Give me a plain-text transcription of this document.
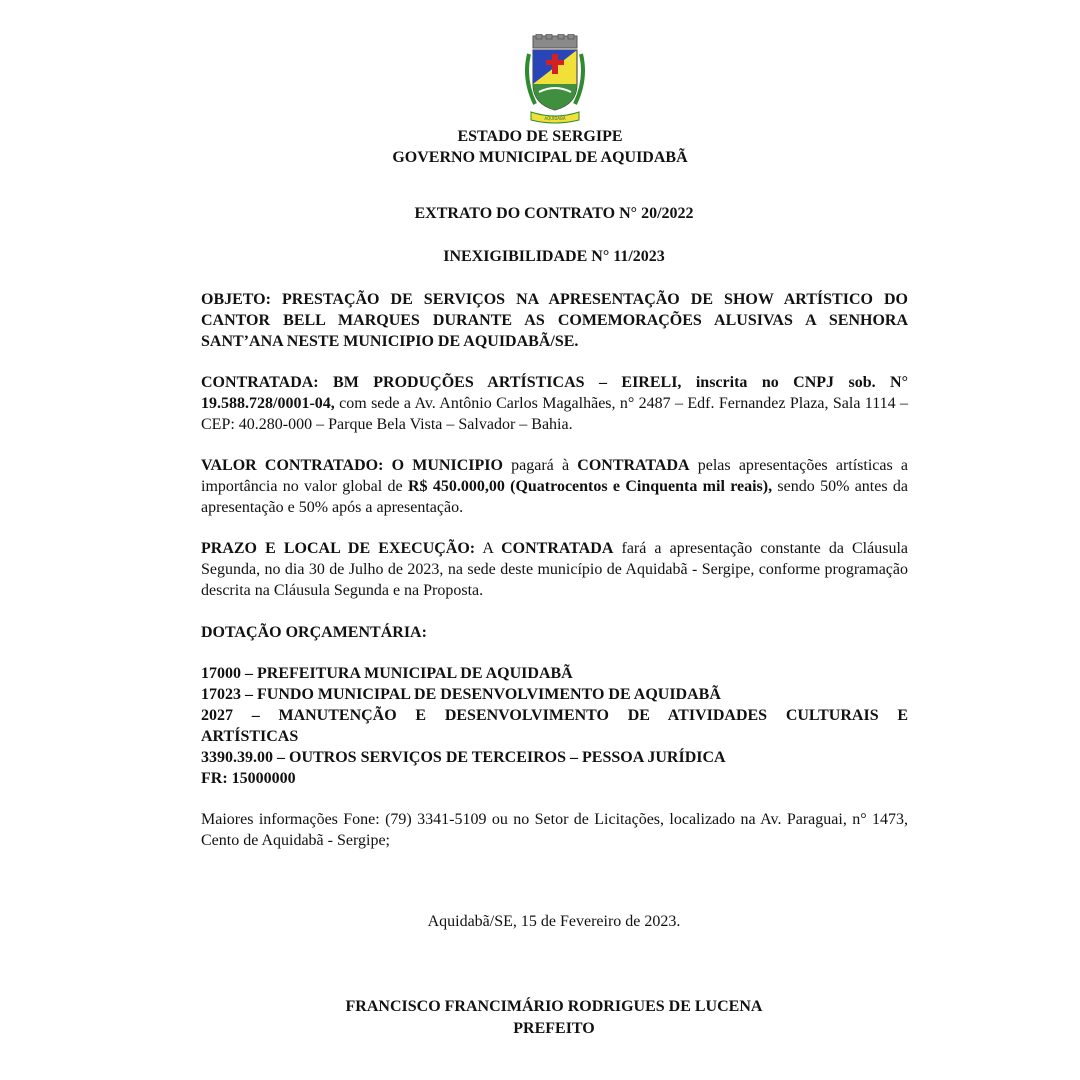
AQUIDABÃ
ESTADO DE SERGIPE
GOVERNO MUNICIPAL DE AQUIDABÃ
EXTRATO DO CONTRATO N° 20/2022
INEXIGIBILIDADE N° 11/2023
OBJETO: PRESTAÇÃO DE SERVIÇOS NA APRESENTAÇÃO DE SHOW ARTÍSTICO DO CANTOR BELL MARQUES DURANTE AS COMEMORAÇÕES ALUSIVAS A SENHORA SANT’ANA NESTE MUNICIPIO DE AQUIDABÃ/SE.
CONTRATADA: BM PRODUÇÕES ARTÍSTICAS – EIRELI, inscrita no CNPJ sob. N° 19.588.728/0001-04, com sede a Av. Antônio Carlos Magalhães, n° 2487 – Edf. Fernandez Plaza, Sala 1114 – CEP: 40.280-000 – Parque Bela Vista – Salvador – Bahia.
VALOR CONTRATADO: O MUNICIPIO pagará à CONTRATADA pelas apresentações artísticas a importância no valor global de R$ 450.000,00 (Quatrocentos e Cinquenta mil reais), sendo 50% antes da apresentação e 50% após a apresentação.
PRAZO E LOCAL DE EXECUÇÃO: A CONTRATADA fará a apresentação constante da Cláusula Segunda, no dia 30 de Julho de 2023, na sede deste município de Aquidabã - Sergipe, conforme programação descrita na Cláusula Segunda e na Proposta.
DOTAÇÃO ORÇAMENTÁRIA:
17000 – PREFEITURA MUNICIPAL DE AQUIDABÃ
17023 – FUNDO MUNICIPAL DE DESENVOLVIMENTO DE AQUIDABÃ
2027 – MANUTENÇÃO E DESENVOLVIMENTO DE ATIVIDADES CULTURAIS E
ARTÍSTICAS
3390.39.00 – OUTROS SERVIÇOS DE TERCEIROS – PESSOA JURÍDICA
FR: 15000000
Maiores informações Fone: (79) 3341-5109 ou no Setor de Licitações, localizado na Av. Paraguai, n° 1473, Cento de Aquidabã - Sergipe;
Aquidabã/SE, 15 de Fevereiro de 2023.
FRANCISCO FRANCIMÁRIO RODRIGUES DE LUCENA
PREFEITO
